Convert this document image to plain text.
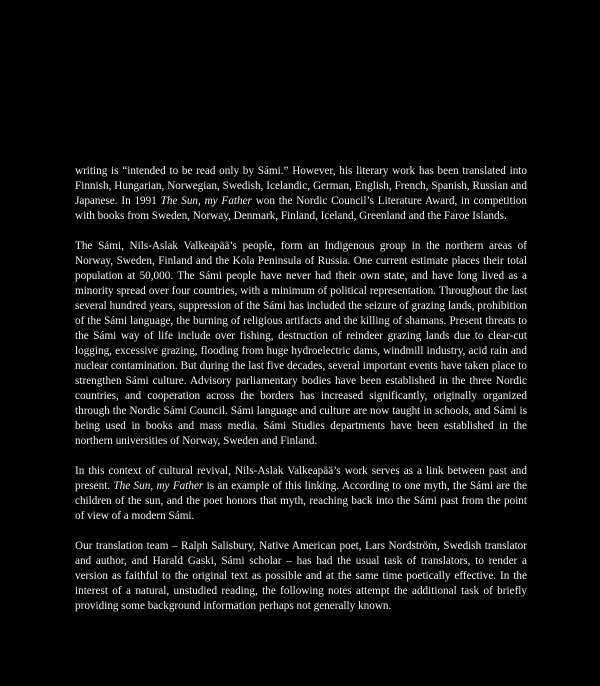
writing is “intended to be read only by Sámi.” However, his literary work has been translated into Finnish, Hungarian, Norwegian, Swedish, Icelandic, German, English, French, Spanish, Russian and Japanese. In 1991 The Sun, my Father won the Nordic Council’s Literature Award, in competition with books from Sweden, Norway, Denmark, Finland, Iceland, Greenland and the Faroe Islands.

The Sámi, Nils-Aslak Valkeapää’s people, form an Indigenous group in the northern areas of Norway, Sweden, Finland and the Kola Peninsula of Russia. One current estimate places their total population at 50,000. The Sámi people have never had their own state, and have long lived as a minority spread over four countries, with a minimum of political representation. Throughout the last several hundred years, suppression of the Sámi has included the seizure of grazing lands, prohibition of the Sámi language, the burning of religious artifacts and the killing of shamans. Present threats to the Sámi way of life include over fishing, destruction of reindeer grazing lands due to clear-cut logging, excessive grazing, flooding from huge hydroelectric dams, windmill industry, acid rain and nuclear contamination. But during the last five decades, several important events have taken place to strengthen Sámi culture. Advisory parliamentary bodies have been established in the three Nordic countries, and cooperation across the borders has increased significantly, originally organized through the Nordic Sámi Council. Sámi language and culture are now taught in schools, and Sámi is being used in books and mass media. Sámi Studies departments have been established in the northern universities of Norway, Sweden and Finland.

In this context of cultural revival, Nils-Aslak Valkeapää’s work serves as a link between past and present. The Sun, my Father is an example of this linking. According to one myth, the Sámi are the children of the sun, and the poet honors that myth, reaching back into the Sámi past from the point of view of a modern Sámi.

Our translation team – Ralph Salisbury, Native American poet, Lars Nordström, Swedish translator and author, and Harald Gaski, Sámi scholar – has had the usual task of translators, to render a version as faithful to the original text as possible and at the same time poetically effective. In the interest of a natural, unstudied reading, the following notes attempt the additional task of briefly providing some background information perhaps not generally known.
